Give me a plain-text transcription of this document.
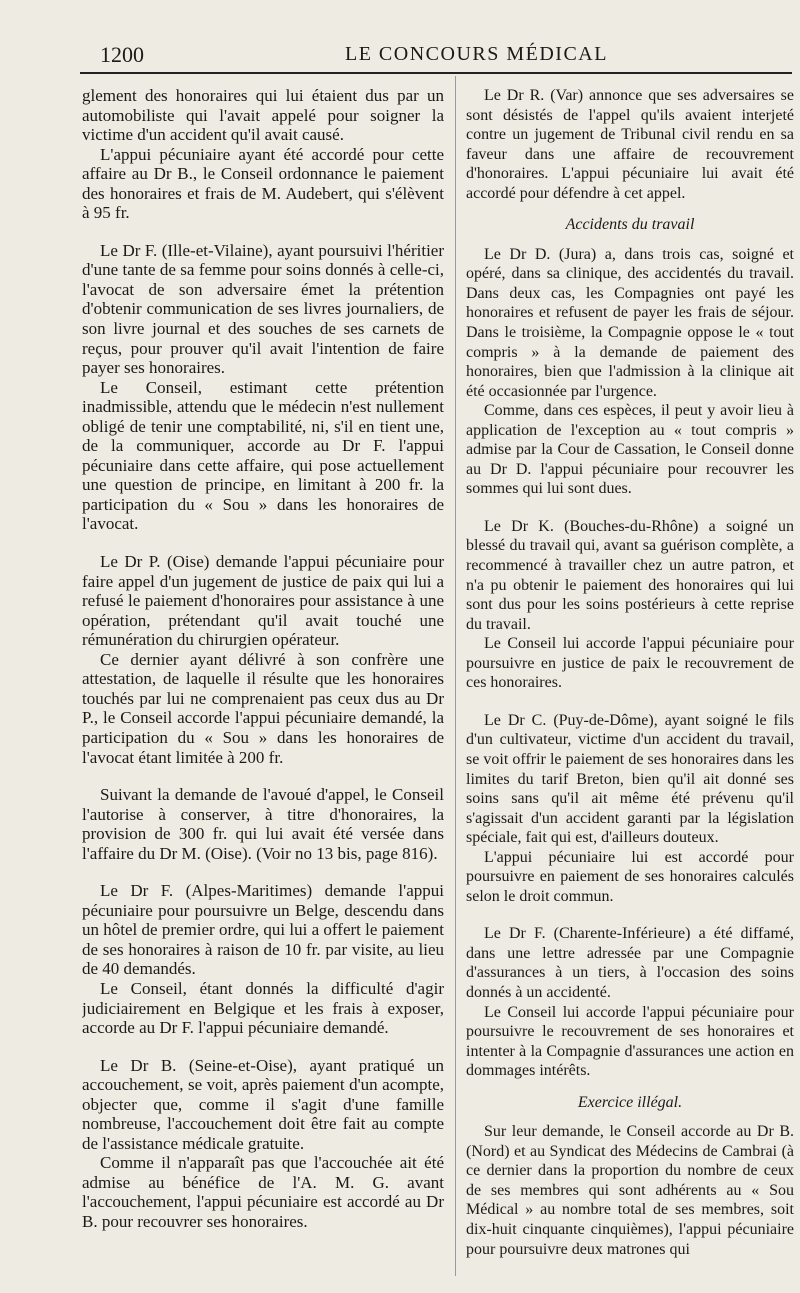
1200	LE CONCOURS MÉDICAL

glement des honoraires qui lui étaient dus par un automobiliste qui l'avait appelé pour soigner la victime d'un accident qu'il avait causé.

L'appui pécuniaire ayant été accordé pour cette affaire au Dr B., le Conseil ordonnance le paiement des honoraires et frais de M. Audebert, qui s'élèvent à 95 fr.

Le Dr F. (Ille-et-Vilaine), ayant poursuivi l'héritier d'une tante de sa femme pour soins donnés à celle-ci, l'avocat de son adversaire émet la prétention d'obtenir communication de ses livres journaliers, de son livre journal et des souches de ses carnets de reçus, pour prouver qu'il avait l'intention de faire payer ses honoraires.

Le Conseil, estimant cette prétention inadmissible, attendu que le médecin n'est nullement obligé de tenir une comptabilité, ni, s'il en tient une, de la communiquer, accorde au Dr F. l'appui pécuniaire dans cette affaire, qui pose actuellement une question de principe, en limitant à 200 fr. la participation du « Sou » dans les honoraires de l'avocat.

Le Dr P. (Oise) demande l'appui pécuniaire pour faire appel d'un jugement de justice de paix qui lui a refusé le paiement d'honoraires pour assistance à une opération, prétendant qu'il avait touché une rémunération du chirurgien opérateur.

Ce dernier ayant délivré à son confrère une attestation, de laquelle il résulte que les honoraires touchés par lui ne comprenaient pas ceux dus au Dr P., le Conseil accorde l'appui pécuniaire demandé, la participation du « Sou » dans les honoraires de l'avocat étant limitée à 200 fr.

Suivant la demande de l'avoué d'appel, le Conseil l'autorise à conserver, à titre d'honoraires, la provision de 300 fr. qui lui avait été versée dans l'affaire du Dr M. (Oise). (Voir no 13 bis, page 816).

Le Dr F. (Alpes-Maritimes) demande l'appui pécuniaire pour poursuivre un Belge, descendu dans un hôtel de premier ordre, qui lui a offert le paiement de ses honoraires à raison de 10 fr. par visite, au lieu de 40 demandés.

Le Conseil, étant donnés la difficulté d'agir judiciairement en Belgique et les frais à exposer, accorde au Dr F. l'appui pécuniaire demandé.

Le Dr B. (Seine-et-Oise), ayant pratiqué un accouchement, se voit, après paiement d'un acompte, objecter que, comme il s'agit d'une famille nombreuse, l'accouchement doit être fait au compte de l'assistance médicale gratuite.

Comme il n'apparaît pas que l'accouchée ait été admise au bénéfice de l'A. M. G. avant l'accouchement, l'appui pécuniaire est accordé au Dr B. pour recouvrer ses honoraires.

Le Dr R. (Var) annonce que ses adversaires se sont désistés de l'appel qu'ils avaient interjeté contre un jugement de Tribunal civil rendu en sa faveur dans une affaire de recouvrement d'honoraires. L'appui pécuniaire lui avait été accordé pour défendre à cet appel.

Accidents du travail

Le Dr D. (Jura) a, dans trois cas, soigné et opéré, dans sa clinique, des accidentés du travail. Dans deux cas, les Compagnies ont payé les honoraires et refusent de payer les frais de séjour. Dans le troisième, la Compagnie oppose le « tout compris » à la demande de paiement des honoraires, bien que l'admission à la clinique ait été occasionnée par l'urgence.

Comme, dans ces espèces, il peut y avoir lieu à application de l'exception au « tout compris » admise par la Cour de Cassation, le Conseil donne au Dr D. l'appui pécuniaire pour recouvrer les sommes qui lui sont dues.

Le Dr K. (Bouches-du-Rhône) a soigné un blessé du travail qui, avant sa guérison complète, a recommencé à travailler chez un autre patron, et n'a pu obtenir le paiement des honoraires qui lui sont dus pour les soins postérieurs à cette reprise du travail.

Le Conseil lui accorde l'appui pécuniaire pour poursuivre en justice de paix le recouvrement de ces honoraires.

Le Dr C. (Puy-de-Dôme), ayant soigné le fils d'un cultivateur, victime d'un accident du travail, se voit offrir le paiement de ses honoraires dans les limites du tarif Breton, bien qu'il ait donné ses soins sans qu'il ait même été prévenu qu'il s'agissait d'un accident garanti par la législation spéciale, fait qui est, d'ailleurs douteux.

L'appui pécuniaire lui est accordé pour poursuivre en paiement de ses honoraires calculés selon le droit commun.

Le Dr F. (Charente-Inférieure) a été diffamé, dans une lettre adressée par une Compagnie d'assurances à un tiers, à l'occasion des soins donnés à un accidenté.

Le Conseil lui accorde l'appui pécuniaire pour poursuivre le recouvrement de ses honoraires et intenter à la Compagnie d'assurances une action en dommages intérêts.

Exercice illégal.

Sur leur demande, le Conseil accorde au Dr B. (Nord) et au Syndicat des Médecins de Cambrai (à ce dernier dans la proportion du nombre de ceux de ses membres qui sont adhérents au « Sou Médical » au nombre total de ses membres, soit dix-huit cinquante cinquièmes), l'appui pécuniaire pour poursuivre deux matrones qui
